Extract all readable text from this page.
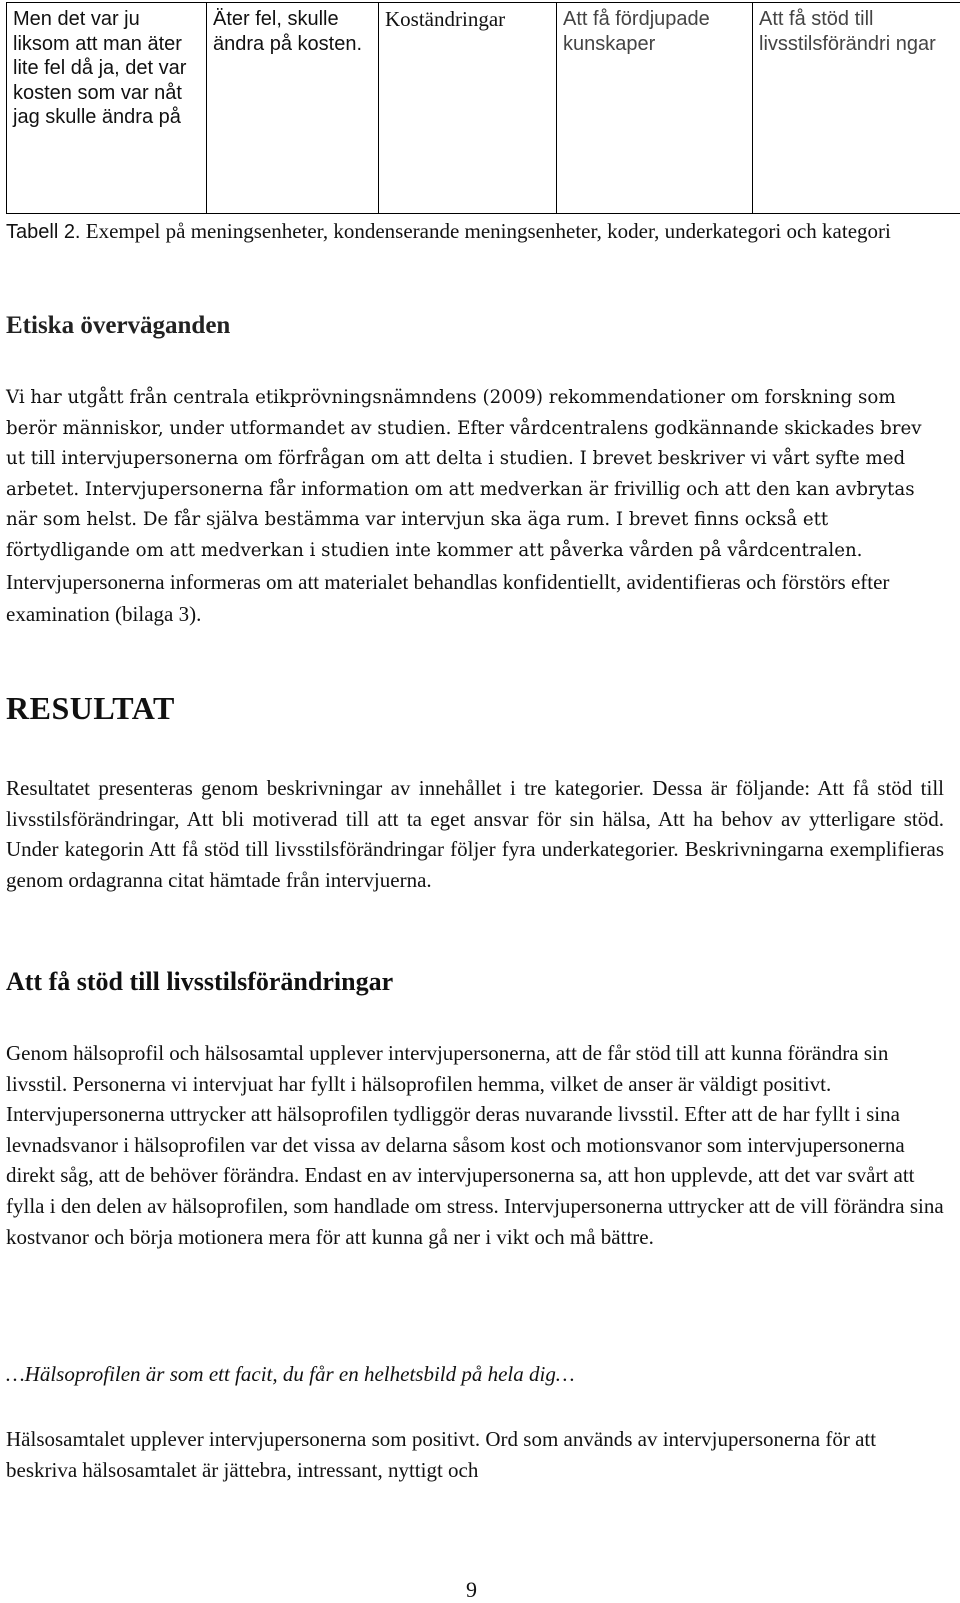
Men det var ju liksom att man äter lite fel då ja, det var kosten som var nåt jag skulle ändra på	Äter fel, skulle ändra på kosten.	Koständringar	Att få fördjupade kunskaper	Att få stöd till livsstilsförändri ngar
Tabell 2. Exempel på meningsenheter, kondenserande meningsenheter, koder, underkategori och kategori
Etiska överväganden
Vi har utgått från centrala etikprövningsnämndens (2009) rekommendationer om forskning som berör människor, under utformandet av studien. Efter vårdcentralens godkännande skickades brev ut till intervjupersonerna om förfrågan om att delta i studien. I brevet beskriver vi vårt syfte med arbetet. Intervjupersonerna får information om att medverkan är frivillig och att den kan avbrytas när som helst. De får själva bestämma var intervjun ska äga rum. I brevet finns också ett förtydligande om att medverkan i studien inte kommer att påverka vården på vårdcentralen. Intervjupersonerna informeras om att materialet behandlas konfidentiellt, avidentifieras och förstörs efter examination (bilaga 3).
RESULTAT
Resultatet presenteras genom beskrivningar av innehållet i tre kategorier. Dessa är följande: Att få stöd till livsstilsförändringar, Att bli motiverad till att ta eget ansvar för sin hälsa, Att ha behov av ytterligare stöd. Under kategorin Att få stöd till livsstilsförändringar följer fyra underkategorier. Beskrivningarna exemplifieras genom ordagranna citat hämtade från intervjuerna.
Att få stöd till livsstilsförändringar
Genom hälsoprofil och hälsosamtal upplever intervjupersonerna, att de får stöd till att kunna förändra sin livsstil. Personerna vi intervjuat har fyllt i hälsoprofilen hemma, vilket de anser är väldigt positivt. Intervjupersonerna uttrycker att hälsoprofilen tydliggör deras nuvarande livsstil. Efter att de har fyllt i sina levnadsvanor i hälsoprofilen var det vissa av delarna såsom kost och motionsvanor som intervjupersonerna direkt såg, att de behöver förändra. Endast en av intervjupersonerna sa, att hon upplevde, att det var svårt att fylla i den delen av hälsoprofilen, som handlade om stress. Intervjupersonerna uttrycker att de vill förändra sina kostvanor och börja motionera mera för att kunna gå ner i vikt och må bättre.
…Hälsoprofilen är som ett facit, du får en helhetsbild på hela dig…
Hälsosamtalet upplever intervjupersonerna som positivt. Ord som används av intervjupersonerna för att beskriva hälsosamtalet är jättebra, intressant, nyttigt och
9
